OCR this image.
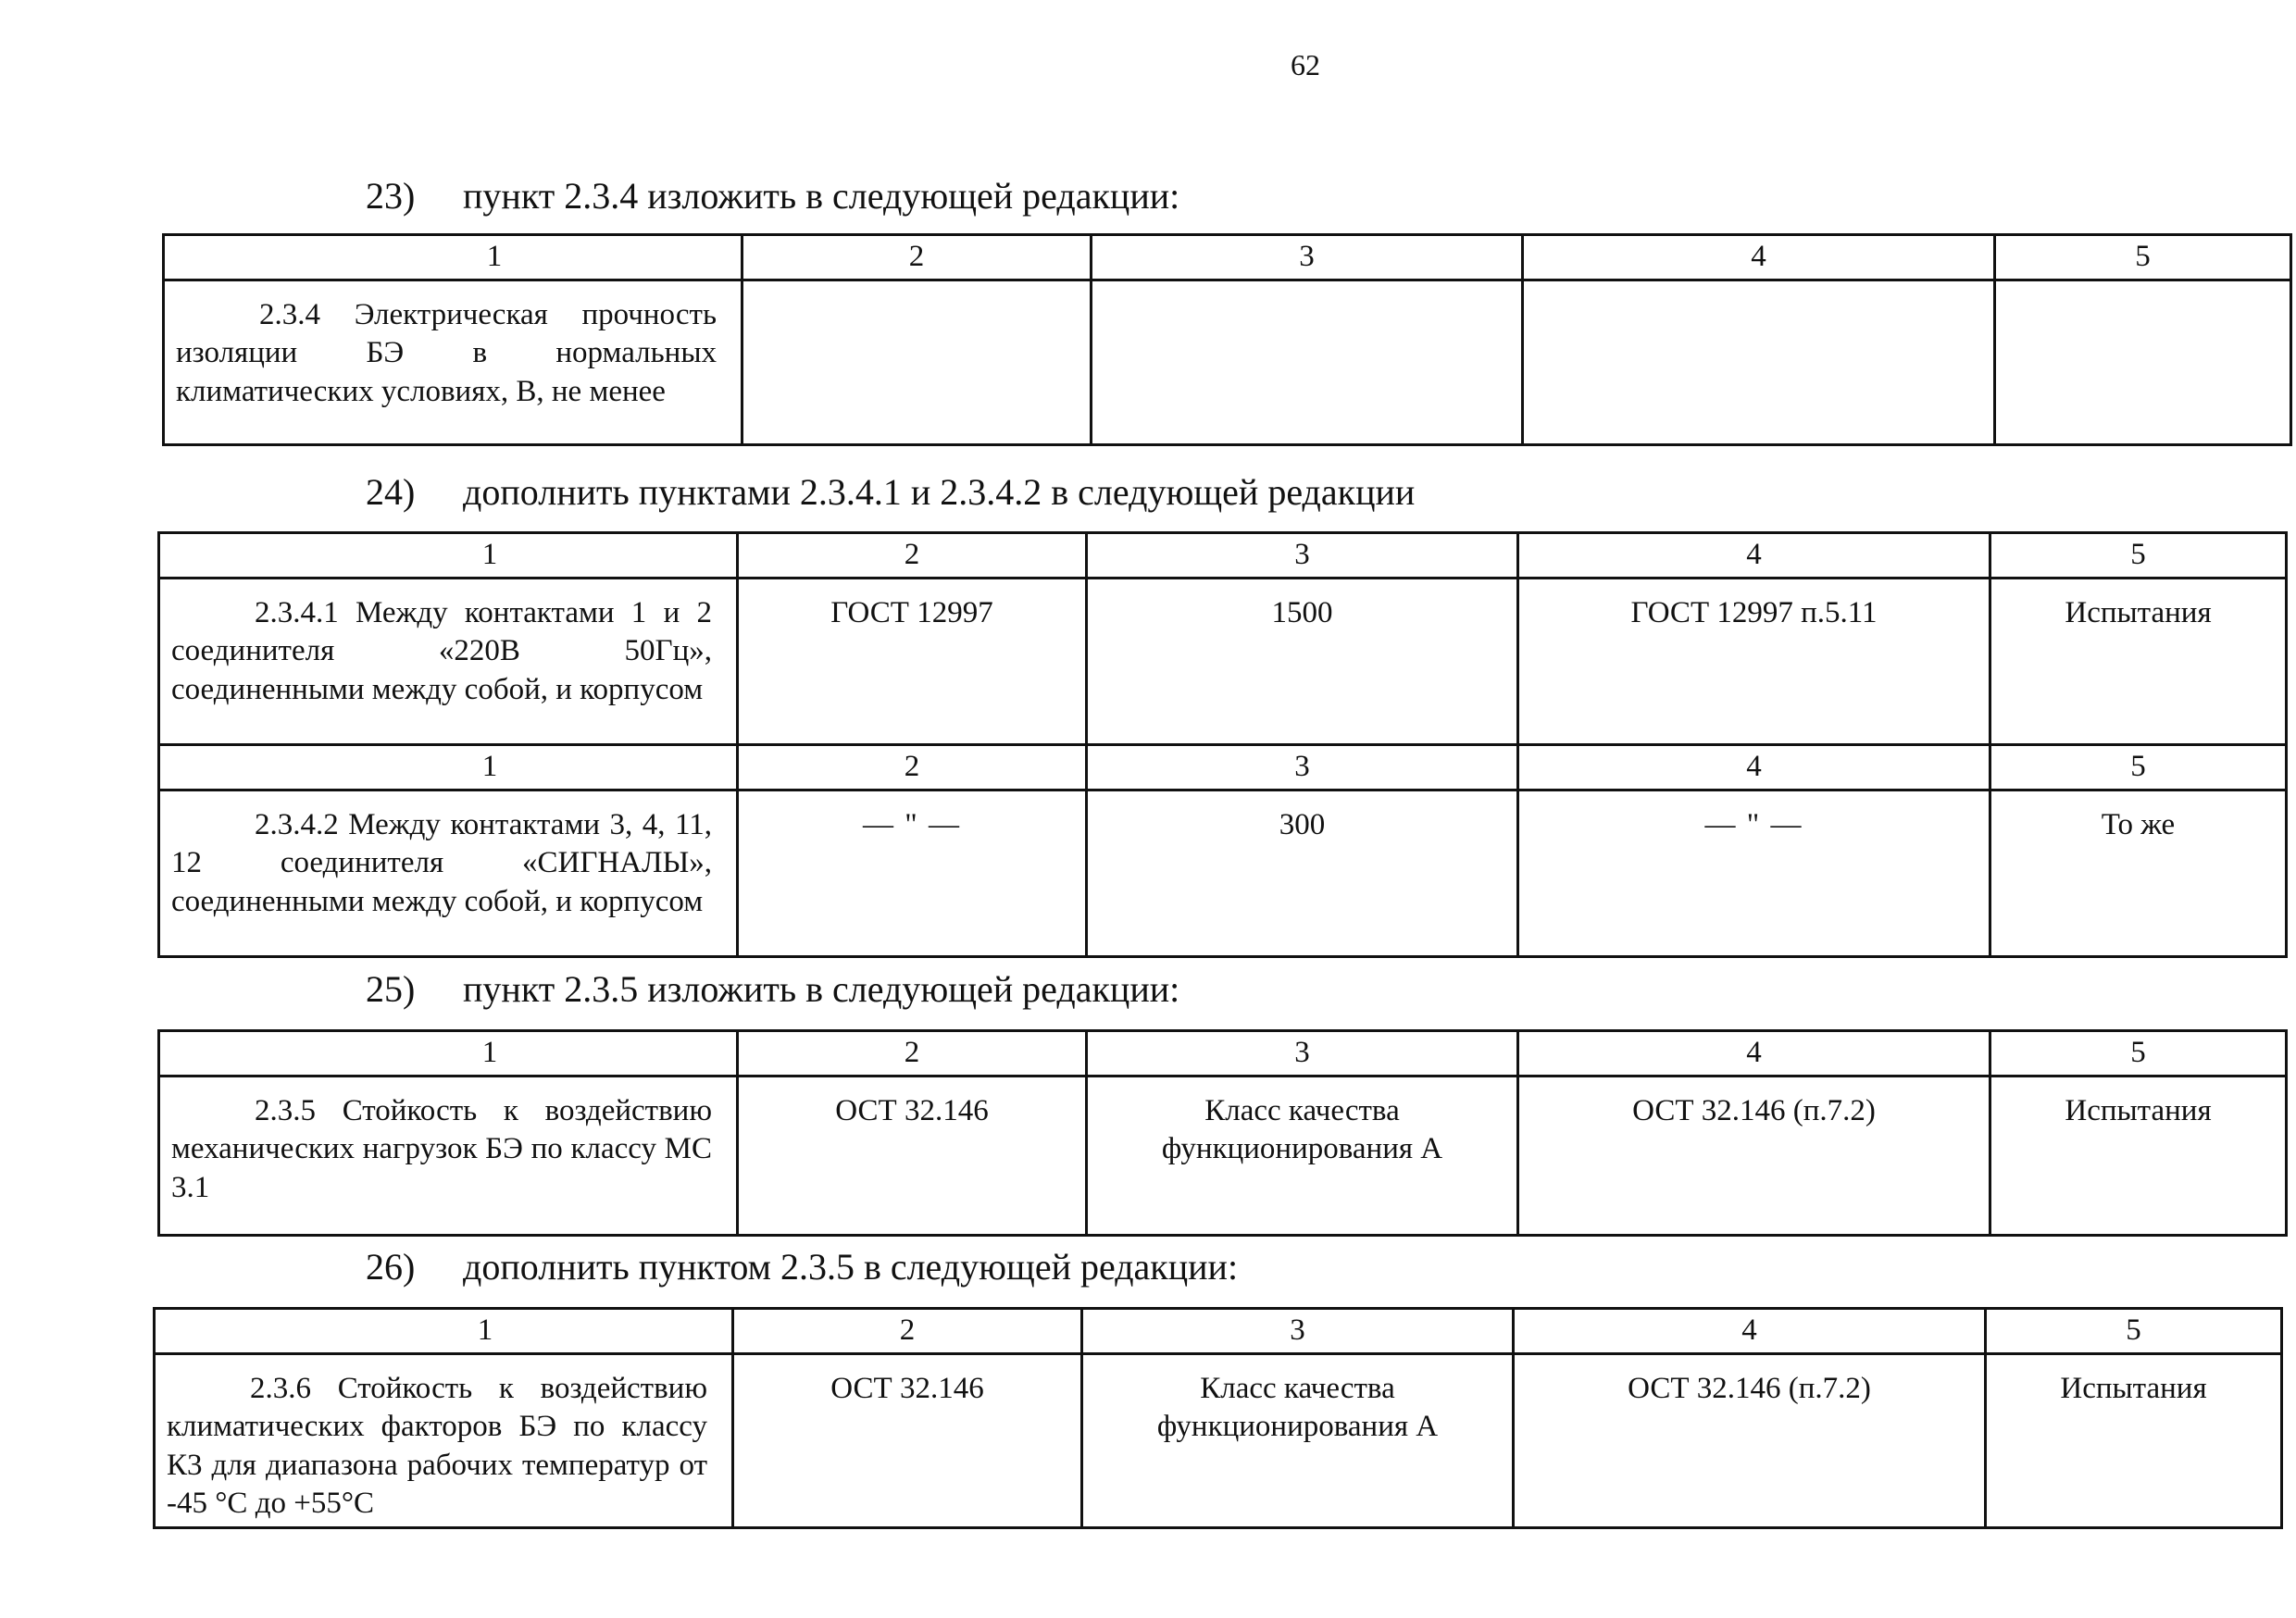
62
23) пункт 2.3.4 изложить в следующей редакции:
1	2	3	4	5
2.3.4 Электрическая прочность изоляции БЭ в нормальных климатических условиях, В, не менее				
24) дополнить пунктами 2.3.4.1 и 2.3.4.2 в следующей редакции
1	2	3	4	5
2.3.4.1 Между контактами 1 и 2 соединителя «220В 50Гц», соединенными между собой, и корпусом	ГОСТ 12997	1500	ГОСТ 12997 п.5.11	Испытания
1	2	3	4	5
2.3.4.2 Между контактами 3, 4, 11, 12 соединителя «СИГНАЛЫ», соединенными между собой, и корпусом	— " —	300	— " —	То же
25) пункт 2.3.5 изложить в следующей редакции:
1	2	3	4	5
2.3.5 Стойкость к воздействию механических нагрузок БЭ по классу МС 3.1	ОСТ 32.146	Класс качества функционирования А	ОСТ 32.146 (п.7.2)	Испытания
26) дополнить пунктом 2.3.5 в следующей редакции:
1	2	3	4	5
2.3.6 Стойкость к воздействию климатических факторов БЭ по классу К3 для диапазона рабочих температур от -45 °С до +55°С	ОСТ 32.146	Класс качества функционирования А	ОСТ 32.146 (п.7.2)	Испытания
